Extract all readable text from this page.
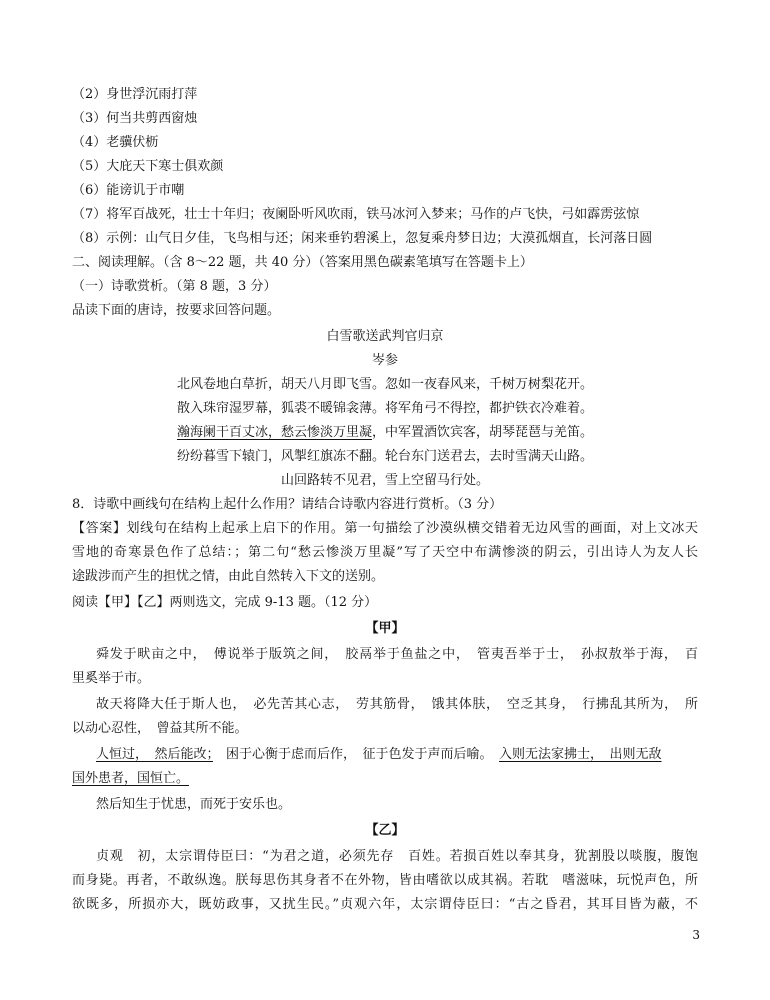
（2）身世浮沉雨打萍
（3）何当共剪西窗烛
（4）老骥伏枥
（5）大庇天下寒士俱欢颜
（6）能谤讥于市嘲
（7）将军百战死，壮士十年归；夜阑卧听风吹雨，铁马冰河入梦来；马作的卢飞快，弓如霹雳弦惊
（8）示例：山气日夕佳，飞鸟相与还；闲来垂钓碧溪上，忽复乘舟梦日边；大漠孤烟直，长河落日圆
二、阅读理解。（含 8～22 题，共 40 分）（答案用黑色碳素笔填写在答题卡上）
（一）诗歌赏析。（第 8 题，3 分）
品读下面的唐诗，按要求回答问题。
白雪歌送武判官归京
岑参
北风卷地白草折，胡天八月即飞雪。忽如一夜春风来，千树万树梨花开。
散入珠帘湿罗幕，狐裘不暖锦衾薄。将军角弓不得控，都护铁衣冷难着。
瀚海阑干百丈冰，愁云惨淡万里凝，中军置酒饮宾客，胡琴琵琶与羌笛。
纷纷暮雪下辕门，风掣红旗冻不翻。轮台东门送君去，去时雪满天山路。
山回路转不见君，雪上空留马行处。
8．诗歌中画线句在结构上起什么作用？请结合诗歌内容进行赏析。（3 分）
【答案】划线句在结构上起承上启下的作用。第一句描绘了沙漠纵横交错着无边风雪的画面，对上文冰天
雪地的奇寒景色作了总结：；第二句“愁云惨淡万里凝”写了天空中布满惨淡的阴云，引出诗人为友人长
途跋涉而产生的担忧之情，由此自然转入下文的送别。
阅读【甲】【乙】两则选文，完成 9-13 题。（12 分）
【甲】
舜发于畎亩之中，　傅说举于版筑之间，　胶鬲举于鱼盐之中，　管夷吾举于士，　孙叔敖举于海，　百
里奚举于市。
故天将降大任于斯人也，　必先苦其心志，　劳其筋骨，　饿其体肤，　空乏其身，　行拂乱其所为，　所
以动心忍性，　曾益其所不能。
人恒过，　然后能改；　困于心衡于虑而后作，　征于色发于声而后喻。　入则无法家拂士，　出则无敌
国外患者，国恒亡。
然后知生于忧患，而死于安乐也。
【乙】
贞观　初，太宗谓侍臣曰：“为君之道，必须先存　百姓。若损百姓以奉其身，犹割股以啖腹，腹饱
而身毙。再者，不敢纵逸。朕每思伤其身者不在外物，皆由嗜欲以成其祸。若耽　嗜滋味，玩悦声色，所
欲既多，所损亦大，既妨政事，又扰生民。”贞观六年，太宗谓侍臣曰：“古之昏君，其耳目皆为蔽，不
3
